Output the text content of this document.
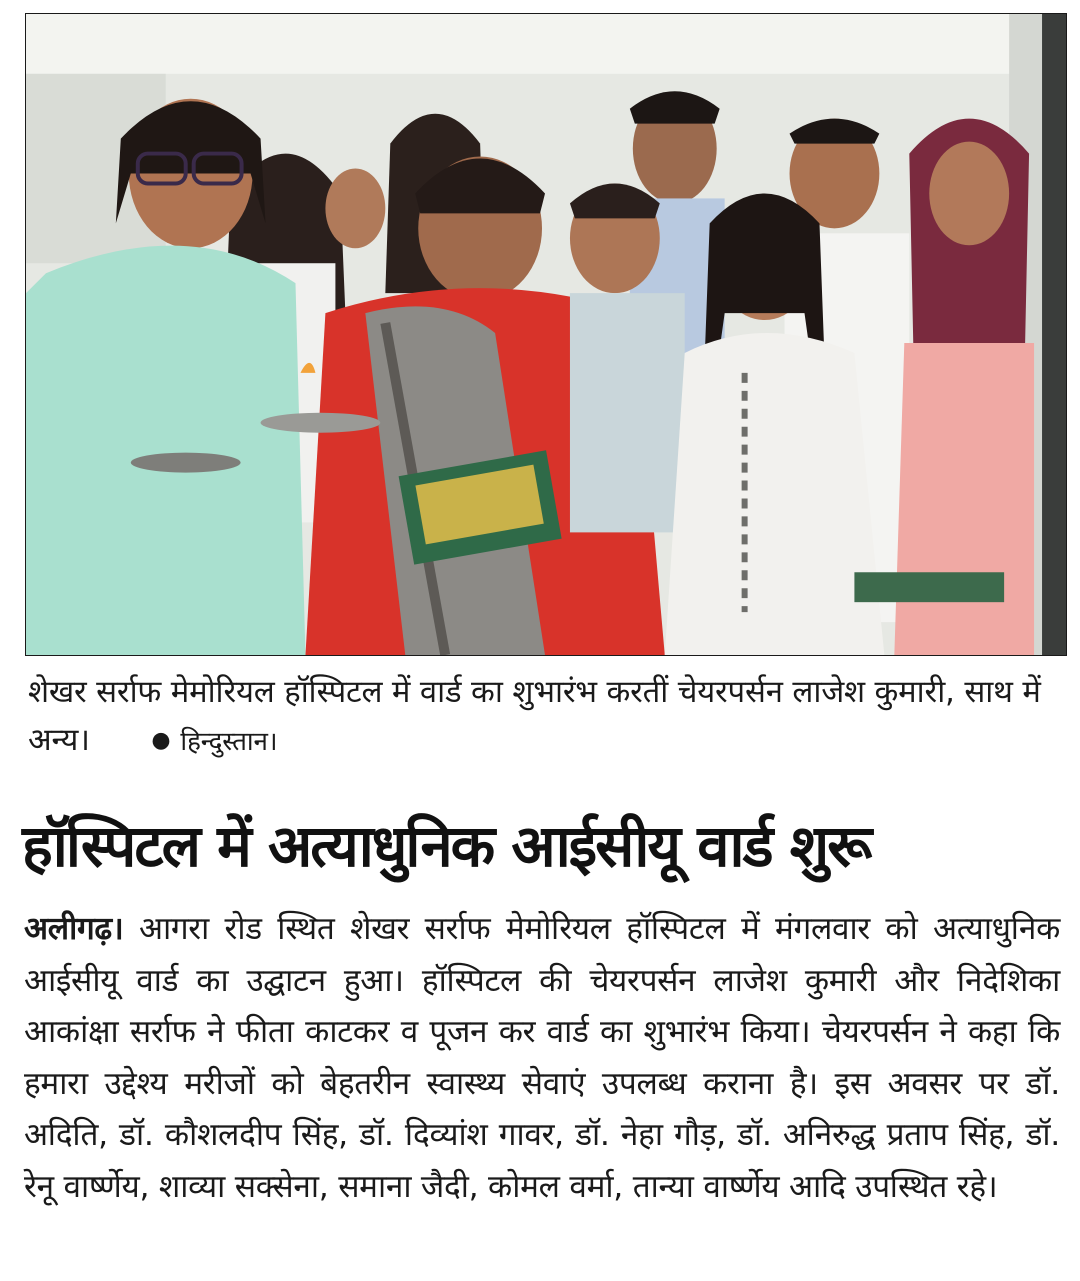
शेखर सर्राफ मेमोरियल हॉस्पिटल में वार्ड का शुभारंभ करतीं चेयरपर्सन लाजेश कुमारी, साथ में अन्य।	● हिन्दुस्तान।
हॉस्पिटल में अत्याधुनिक आईसीयू वार्ड शुरू

अलीगढ़। आगरा रोड स्थित शेखर सर्राफ मेमोरियल हॉस्पिटल में मंगलवार को अत्याधुनिक आईसीयू वार्ड का उद्घाटन हुआ। हॉस्पिटल की चेयरपर्सन लाजेश कुमारी और निदेशिका आकांक्षा सर्राफ ने फीता काटकर व पूजन कर वार्ड का शुभारंभ किया। चेयरपर्सन ने कहा कि हमारा उद्देश्य मरीजों को बेहतरीन स्वास्थ्य सेवाएं उपलब्ध कराना है। इस अवसर पर डॉ. अदिति, डॉ. कौशलदीप सिंह, डॉ. दिव्यांश गावर, डॉ. नेहा गौड़, डॉ. अनिरुद्ध प्रताप सिंह, डॉ. रेनू वार्ष्णेय, शाव्या सक्सेना, समाना जैदी, कोमल वर्मा, तान्या वार्ष्णेय आदि उपस्थित रहे।
